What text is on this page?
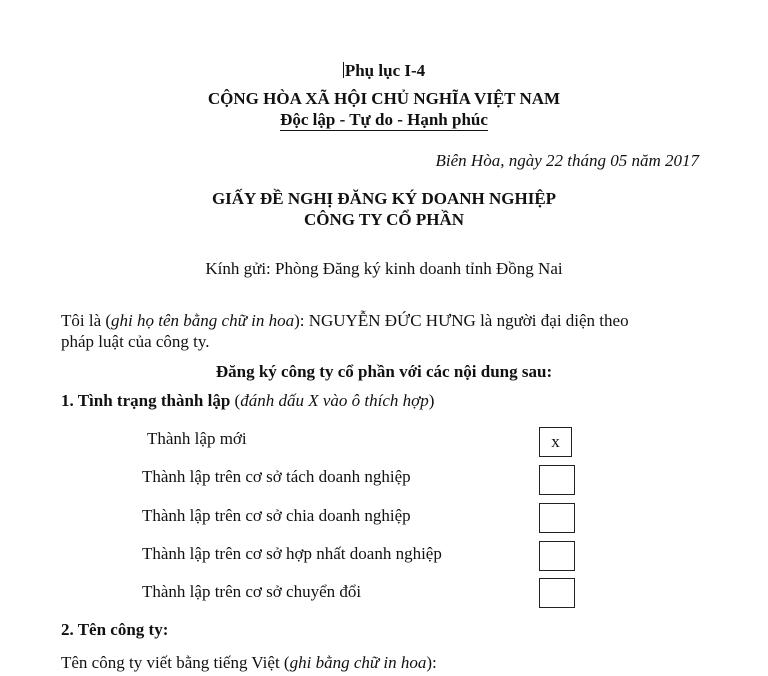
Phụ lục I-4
CỘNG HÒA XÃ HỘI CHỦ NGHĨA VIỆT NAM
Độc lập - Tự do - Hạnh phúc
Biên Hòa, ngày 22 tháng 05 năm 2017
GIẤY ĐỀ NGHỊ ĐĂNG KÝ DOANH NGHIỆP
CÔNG TY CỔ PHẦN
Kính gửi: Phòng Đăng ký kinh doanh tỉnh Đồng Nai
Tôi là (ghi họ tên bằng chữ in hoa): NGUYỄN ĐỨC HƯNG là người đại diện theo
pháp luật của công ty.
Đăng ký công ty cổ phần với các nội dung sau:
1. Tình trạng thành lập (đánh dấu X vào ô thích hợp)
Thành lập mới	x
Thành lập trên cơ sở tách doanh nghiệp
Thành lập trên cơ sở chia doanh nghiệp
Thành lập trên cơ sở hợp nhất doanh nghiệp
Thành lập trên cơ sở chuyển đổi
2. Tên công ty:
Tên công ty viết bằng tiếng Việt (ghi bằng chữ in hoa):
